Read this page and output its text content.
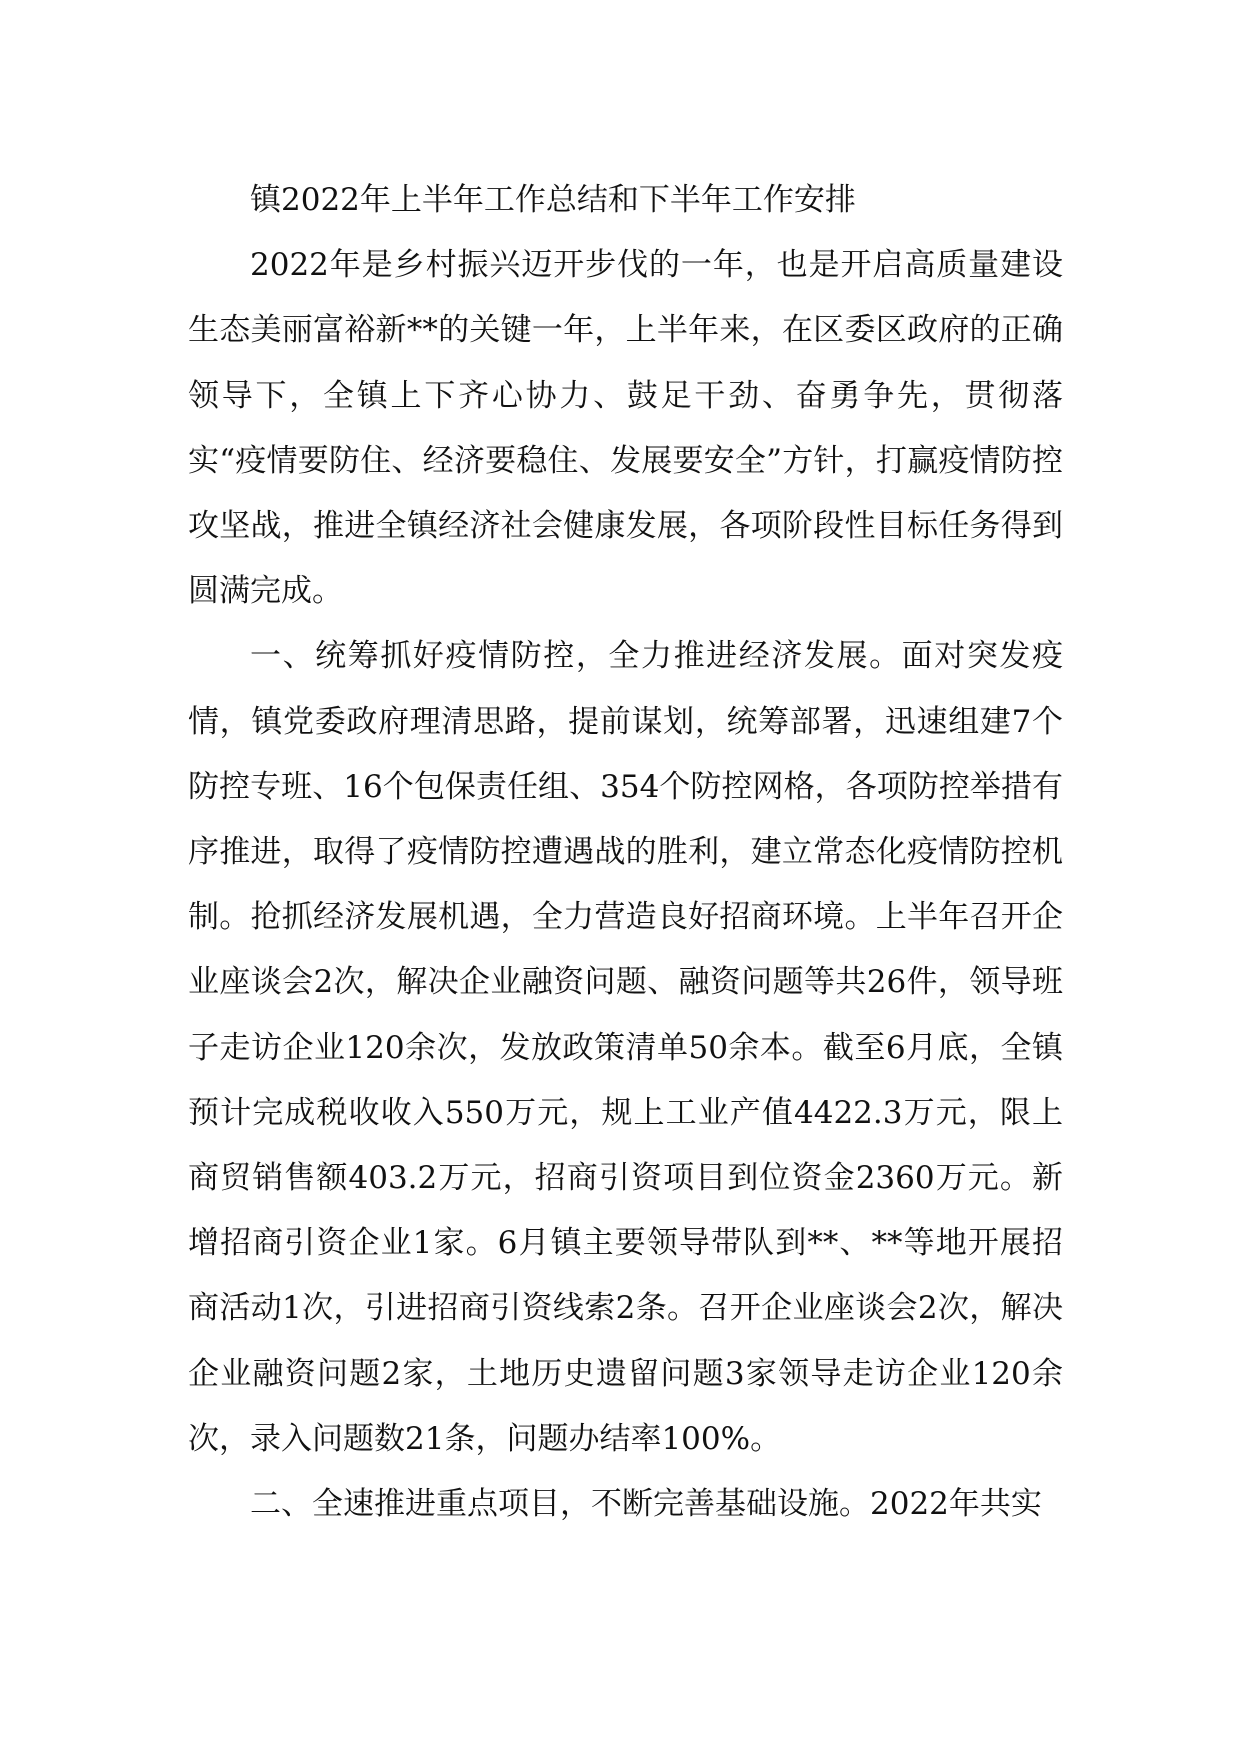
镇2022年上半年工作总结和下半年工作安排

2022年是乡村振兴迈开步伐的一年，也是开启高质量建设生态美丽富裕新**的关键一年，上半年来，在区委区政府的正确领导下，全镇上下齐心协力、鼓足干劲、奋勇争先，贯彻落实“疫情要防住、经济要稳住、发展要安全”方针，打赢疫情防控攻坚战，推进全镇经济社会健康发展，各项阶段性目标任务得到圆满完成。

一、统筹抓好疫情防控，全力推进经济发展。面对突发疫情，镇党委政府理清思路，提前谋划，统筹部署，迅速组建7个防控专班、16个包保责任组、354个防控网格，各项防控举措有序推进，取得了疫情防控遭遇战的胜利，建立常态化疫情防控机制。抢抓经济发展机遇，全力营造良好招商环境。上半年召开企业座谈会2次，解决企业融资问题、融资问题等共26件，领导班子走访企业120余次，发放政策清单50余本。截至6月底，全镇预计完成税收收入550万元，规上工业产值4422.3万元，限上商贸销售额403.2万元，招商引资项目到位资金2360万元。新增招商引资企业1家。6月镇主要领导带队到**、**等地开展招商活动1次，引进招商引资线索2条。召开企业座谈会2次，解决企业融资问题2家，土地历史遗留问题3家领导走访企业120余次，录入问题数21条，问题办结率100%。

二、全速推进重点项目，不断完善基础设施。2022年共实
